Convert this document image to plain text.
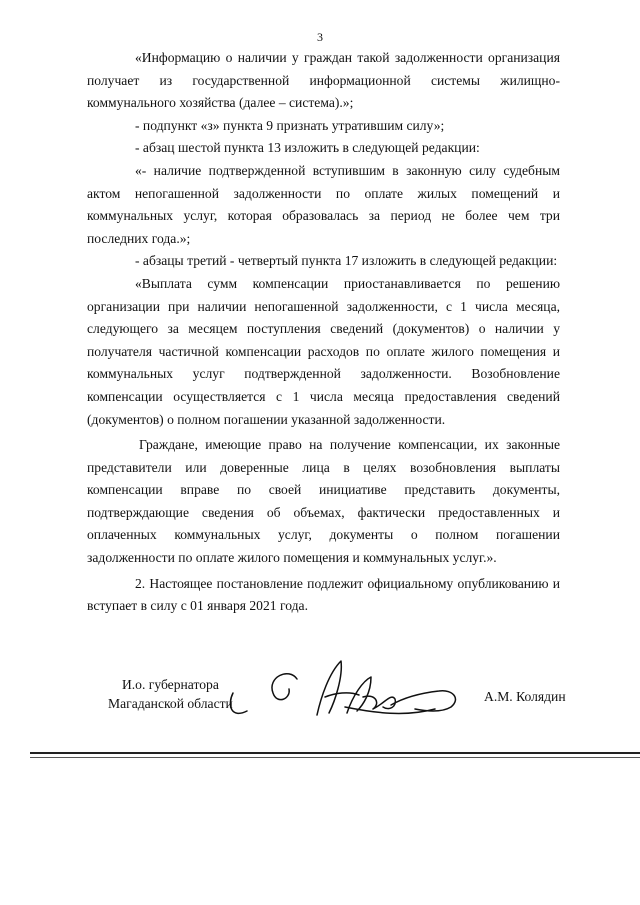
3

«Информацию о наличии у граждан такой задолженности организация получает из государственной информационной системы жилищно-коммунального хозяйства (далее – система).»;

- подпункт «з» пункта 9 признать утратившим силу»;

- абзац шестой пункта 13 изложить в следующей редакции:

«- наличие подтвержденной вступившим в законную силу судебным актом непогашенной задолженности по оплате жилых помещений и коммунальных услуг, которая образовалась за период не более чем три последних года.»;

- абзацы третий - четвертый пункта 17 изложить в следующей редакции:

«Выплата сумм компенсации приостанавливается по решению организации при наличии непогашенной задолженности, с 1 числа месяца, следующего за месяцем поступления сведений (документов) о наличии у получателя частичной компенсации расходов по оплате жилого помещения и коммунальных услуг подтвержденной задолженности. Возобновление компенсации осуществляется с 1 числа месяца предоставления сведений (документов) о полном погашении указанной задолженности.

Граждане, имеющие право на получение компенсации, их законные представители или доверенные лица в целях возобновления выплаты компенсации вправе по своей инициативе представить документы, подтверждающие сведения об объемах, фактически предоставленных и оплаченных коммунальных услуг, документы о полном погашении задолженности по оплате жилого помещения и коммунальных услуг.».

2. Настоящее постановление подлежит официальному опубликованию и вступает в силу с 01 января 2021 года.

И.о. губернатора
Магаданской области	А.М. Колядин
